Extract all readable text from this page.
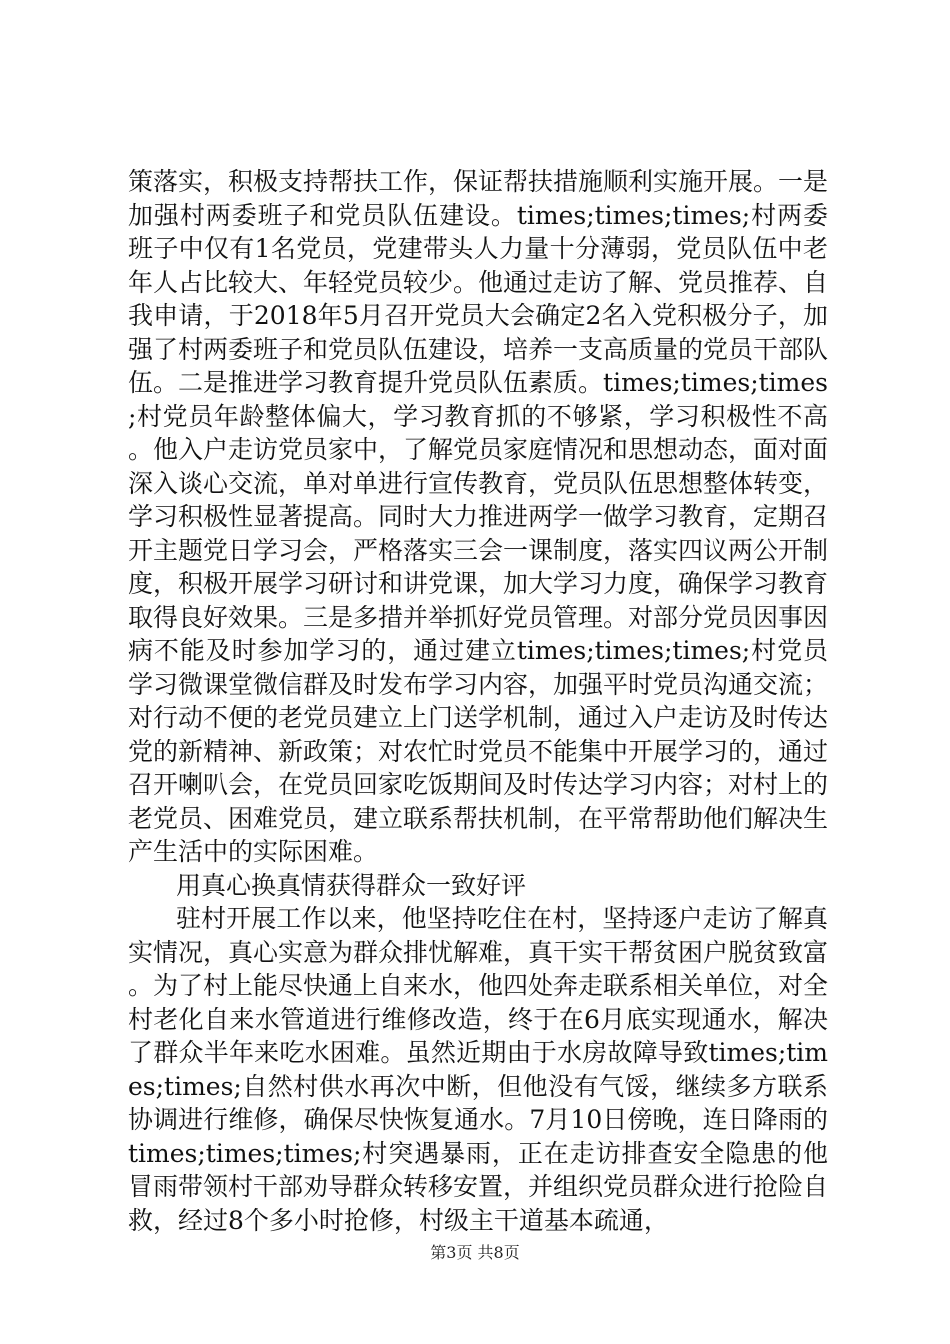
策落实，积极支持帮扶工作，保证帮扶措施顺利实施开展。一是加强村两委班子和党员队伍建设。times;times;times;村两委班子中仅有1名党员，党建带头人力量十分薄弱，党员队伍中老年人占比较大、年轻党员较少。他通过走访了解、党员推荐、自我申请，于2018年5月召开党员大会确定2名入党积极分子，加强了村两委班子和党员队伍建设，培养一支高质量的党员干部队伍。二是推进学习教育提升党员队伍素质。times;times;times;村党员年龄整体偏大，学习教育抓的不够紧，学习积极性不高。他入户走访党员家中，了解党员家庭情况和思想动态，面对面深入谈心交流，单对单进行宣传教育，党员队伍思想整体转变，学习积极性显著提高。同时大力推进两学一做学习教育，定期召开主题党日学习会，严格落实三会一课制度，落实四议两公开制度，积极开展学习研讨和讲党课，加大学习力度，确保学习教育取得良好效果。三是多措并举抓好党员管理。对部分党员因事因病不能及时参加学习的，通过建立times;times;times;村党员学习微课堂微信群及时发布学习内容，加强平时党员沟通交流；对行动不便的老党员建立上门送学机制，通过入户走访及时传达党的新精神、新政策；对农忙时党员不能集中开展学习的，通过召开喇叭会，在党员回家吃饭期间及时传达学习内容；对村上的老党员、困难党员，建立联系帮扶机制，在平常帮助他们解决生产生活中的实际困难。

用真心换真情获得群众一致好评

驻村开展工作以来，他坚持吃住在村，坚持逐户走访了解真实情况，真心实意为群众排忧解难，真干实干帮贫困户脱贫致富。为了村上能尽快通上自来水，他四处奔走联系相关单位，对全村老化自来水管道进行维修改造，终于在6月底实现通水，解决了群众半年来吃水困难。虽然近期由于水房故障导致times;times;times;自然村供水再次中断，但他没有气馁，继续多方联系协调进行维修，确保尽快恢复通水。7月10日傍晚，连日降雨的times;times;times;村突遇暴雨，正在走访排查安全隐患的他冒雨带领村干部劝导群众转移安置，并组织党员群众进行抢险自救，经过8个多小时抢修，村级主干道基本疏通，

第3页 共8页
